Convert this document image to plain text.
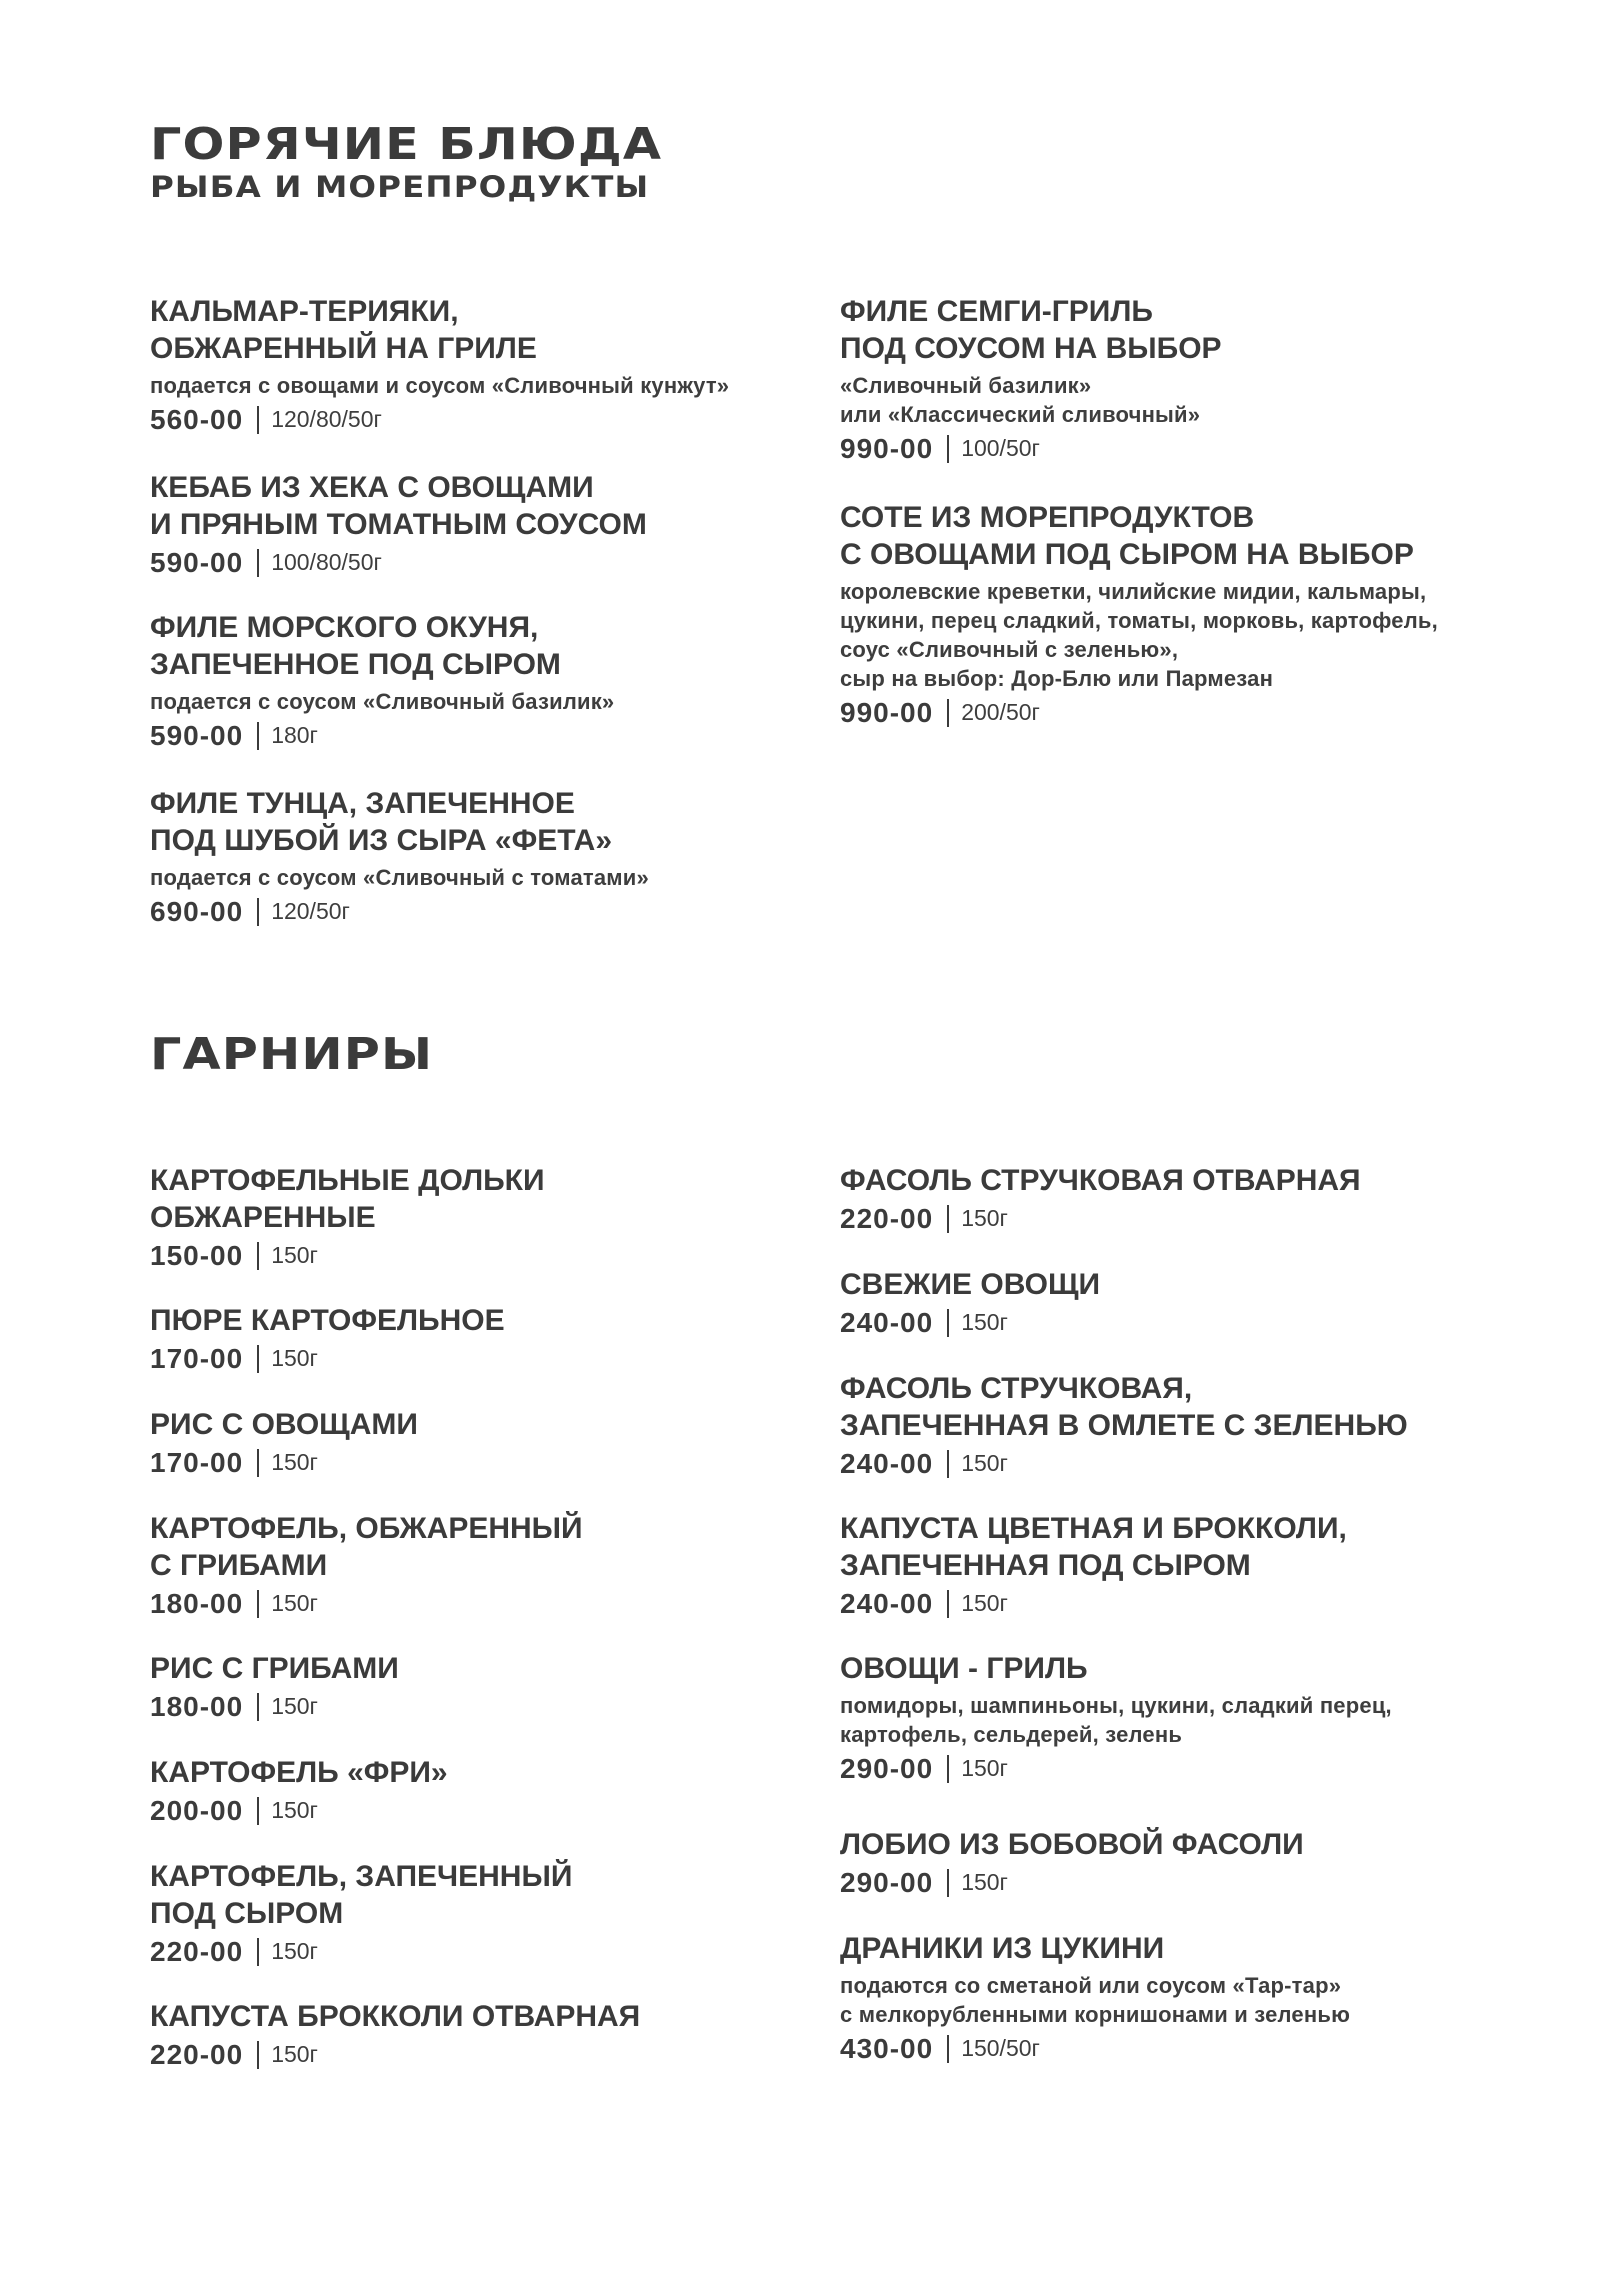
ГОРЯЧИЕ БЛЮДА
РЫБА И МОРЕПРОДУКТЫ
КАЛЬМАР-ТЕРИЯКИ,
ОБЖАРЕННЫЙ НА ГРИЛЕ

подается с овощами и соусом «Сливочный кунжут»

560-00 120/80/50г
КЕБАБ ИЗ ХЕКА С ОВОЩАМИ
И ПРЯНЫМ ТОМАТНЫМ СОУСОМ
590-00 100/80/50г
ФИЛЕ МОРСКОГО ОКУНЯ,
ЗАПЕЧЕННОЕ ПОД СЫРОМ

подается с соусом «Сливочный базилик»

590-00 180г
ФИЛЕ ТУНЦА, ЗАПЕЧЕННОЕ
ПОД ШУБОЙ ИЗ СЫРА «ФЕТА»

подается с соусом «Сливочный с томатами»

690-00 120/50г
ФИЛЕ СЕМГИ-ГРИЛЬ
ПОД СОУСОМ НА ВЫБОР

«Сливочный базилик»
или «Классический сливочный»

990-00 100/50г
СОТЕ ИЗ МОРЕПРОДУКТОВ
С ОВОЩАМИ ПОД СЫРОМ НА ВЫБОР

королевские креветки, чилийские мидии, кальмары,
цукини, перец сладкий, томаты, морковь, картофель,
соус «Сливочный с зеленью»,
сыр на выбор: Дор-Блю или Пармезан

990-00 200/50г
ГАРНИРЫ
КАРТОФЕЛЬНЫЕ ДОЛЬКИ
ОБЖАРЕННЫЕ
150-00 150г
ПЮРЕ КАРТОФЕЛЬНОЕ
170-00 150г
РИС С ОВОЩАМИ
170-00 150г
КАРТОФЕЛЬ, ОБЖАРЕННЫЙ
С ГРИБАМИ
180-00 150г
РИС С ГРИБАМИ
180-00 150г
КАРТОФЕЛЬ «ФРИ»
200-00 150г
КАРТОФЕЛЬ, ЗАПЕЧЕННЫЙ
ПОД СЫРОМ
220-00 150г
КАПУСТА БРОККОЛИ ОТВАРНАЯ
220-00 150г
ФАСОЛЬ СТРУЧКОВАЯ ОТВАРНАЯ
220-00 150г
СВЕЖИЕ ОВОЩИ
240-00 150г
ФАСОЛЬ СТРУЧКОВАЯ,
ЗАПЕЧЕННАЯ В ОМЛЕТЕ С ЗЕЛЕНЬЮ
240-00 150г
КАПУСТА ЦВЕТНАЯ И БРОККОЛИ,
ЗАПЕЧЕННАЯ ПОД СЫРОМ
240-00 150г
ОВОЩИ - ГРИЛЬ

помидоры, шампиньоны, цукини, сладкий перец,
картофель, сельдерей, зелень

290-00 150г
ЛОБИО ИЗ БОБОВОЙ ФАСОЛИ
290-00 150г
ДРАНИКИ ИЗ ЦУКИНИ

подаются со сметаной или соусом «Тар-тар»
с мелкорубленными корнишонами и зеленью

430-00 150/50г
